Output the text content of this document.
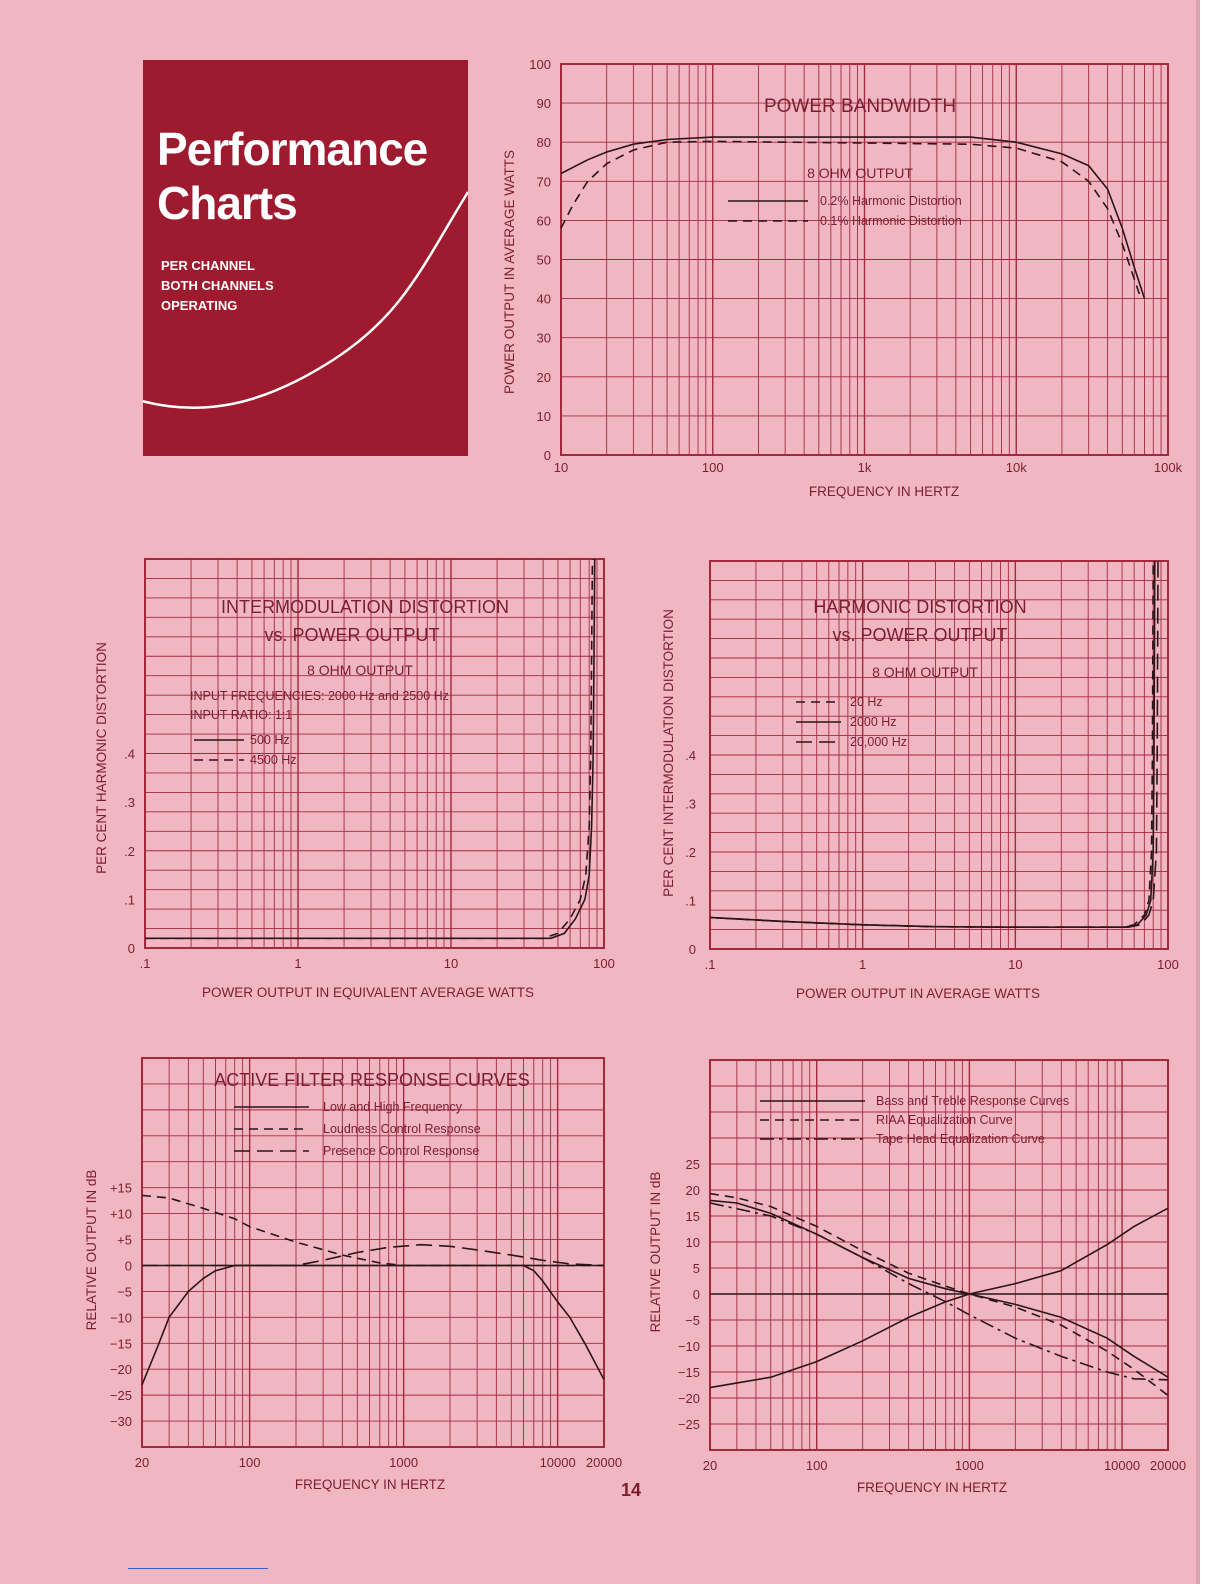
Performance
Charts
PER CHANNEL
BOTH CHANNELS
OPERATING
0
10
20
30
40
50
60
70
80
90
100
10	100	1k	10k	100k
FREQUENCY IN HERTZ
POWER OUTPUT IN AVERAGE WATTS
POWER BANDWIDTH
8 OHM OUTPUT
0.2% Harmonic Distortion
0.1% Harmonic Distortion
0
.1
.2
.3
.4
.1	1	10	100
POWER OUTPUT IN EQUIVALENT AVERAGE WATTS
PER CENT HARMONIC DISTORTION
INTERMODULATION DISTORTION
vs. POWER OUTPUT
8 OHM OUTPUT
INPUT FREQUENCIES: 2000 Hz and 2500 Hz
INPUT RATIO: 1:1
500 Hz
4500 Hz
0
.1
.2
.3
.4
.1	1	10	100
POWER OUTPUT IN AVERAGE WATTS
PER CENT INTERMODULATION DISTORTION
HARMONIC DISTORTION
vs. POWER OUTPUT
8 OHM OUTPUT
20 Hz
2000 Hz
20,000 Hz
+15
+10
+5
0
−5
−10
−15
−20
−25
−30
20	100	1000	10000 20000
FREQUENCY IN HERTZ
RELATIVE OUTPUT IN dB
ACTIVE FILTER RESPONSE CURVES
Low and High Frequency
Loudness Control Response
Presence Control Response
25
20
15
10
5
0
−5
−10
−15
−20
−25
20	100	1000	10000 20000
FREQUENCY IN HERTZ
RELATIVE OUTPUT IN dB
Bass and Treble Response Curves
RIAA Equalization Curve
Tape Head Equalization Curve
14
